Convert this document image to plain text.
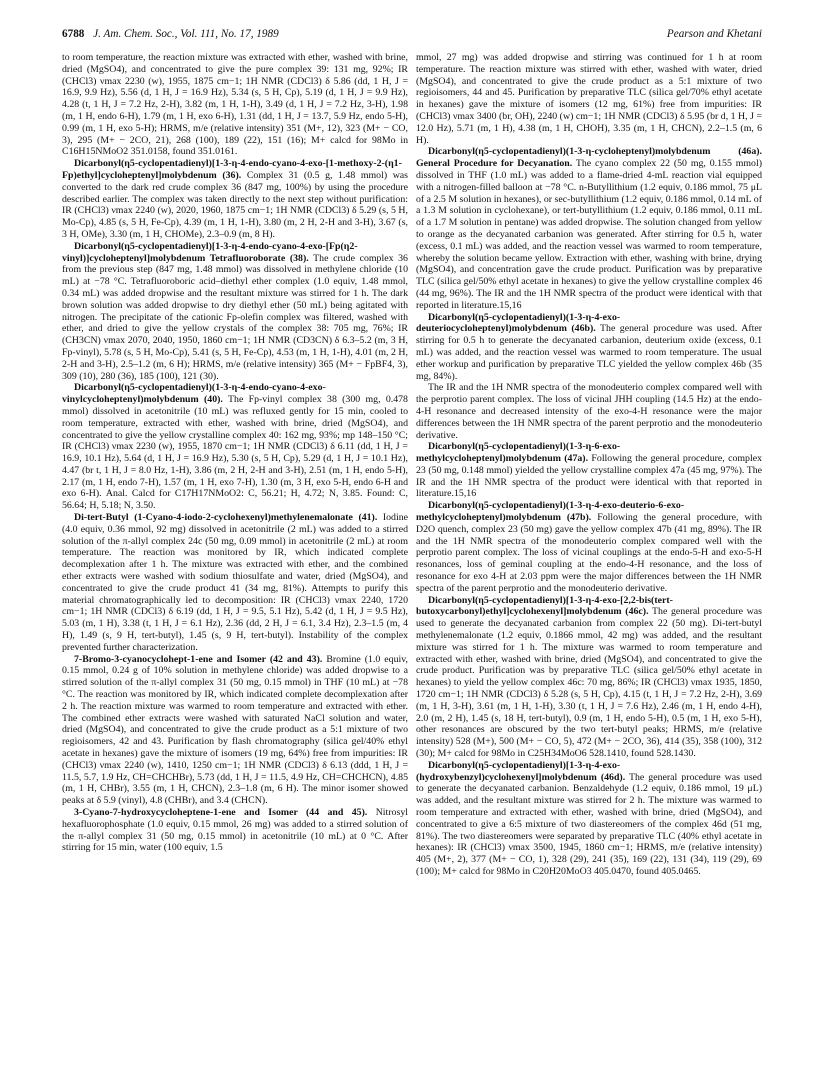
6788 J. Am. Chem. Soc., Vol. 111, No. 17, 1989	Pearson and Khetani

to room temperature, the reaction mixture was extracted with ether, washed with brine, dried (MgSO4), and concentrated to give the pure complex 39: 131 mg, 92%; IR (CHCl3) νmax 2230 (w), 1955, 1875 cm−1; 1H NMR (CDCl3) δ 5.86 (dd, 1 H, J = 16.9, 9.9 Hz), 5.56 (d, 1 H, J = 16.9 Hz), 5.34 (s, 5 H, Cp), 5.19 (d, 1 H, J = 9.9 Hz), 4.28 (t, 1 H, J = 7.2 Hz, 2-H), 3.82 (m, 1 H, 1-H), 3.49 (d, 1 H, J = 7.2 Hz, 3-H), 1.98 (m, 1 H, endo 6-H), 1.79 (m, 1 H, exo 6-H), 1.31 (dd, 1 H, J = 13.7, 5.9 Hz, endo 5-H), 0.99 (m, 1 H, exo 5-H); HRMS, m/e (relative intensity) 351 (M+, 12), 323 (M+ − CO, 3), 295 (M+ − 2CO, 21), 268 (100), 189 (22), 151 (16); M+ calcd for 98Mo in C16H15NMoO2 351.0158, found 351.0161.

Dicarbonyl(η5-cyclopentadienyl)[1-3-η-4-endo-cyano-4-exo-[1-methoxy-2-(η1-Fp)ethyl]cycloheptenyl]molybdenum (36). Complex 31 (0.5 g, 1.48 mmol) was converted to the dark red crude complex 36 (847 mg, 100%) by using the procedure described earlier. The complex was taken directly to the next step without purification: IR (CHCl3) νmax 2240 (w), 2020, 1960, 1875 cm−1; 1H NMR (CDCl3) δ 5.29 (s, 5 H, Mo-Cp), 4.85 (s, 5 H, Fe-Cp), 4.39 (m, 1 H, 1-H), 3.80 (m, 2 H, 2-H and 3-H), 3.67 (s, 3 H, OMe), 3.30 (m, 1 H, CHOMe), 2.3–0.9 (m, 8 H).

Dicarbonyl(η5-cyclopentadienyl)[1-3-η-4-endo-cyano-4-exo-[Fp(η2-vinyl)]cycloheptenyl]molybdenum Tetrafluoroborate (38). The crude complex 36 from the previous step (847 mg, 1.48 mmol) was dissolved in methylene chloride (10 mL) at −78 °C. Tetrafluoroboric acid–diethyl ether complex (1.0 equiv, 1.48 mmol, 0.34 mL) was added dropwise and the resultant mixture was stirred for 1 h. The dark brown solution was added dropwise to dry diethyl ether (50 mL) being agitated with nitrogen. The precipitate of the cationic Fp-olefin complex was filtered, washed with ether, and dried to give the yellow crystals of the complex 38: 705 mg, 76%; IR (CH3CN) νmax 2070, 2040, 1950, 1860 cm−1; 1H NMR (CD3CN) δ 6.3–5.2 (m, 3 H, Fp-vinyl), 5.78 (s, 5 H, Mo-Cp), 5.41 (s, 5 H, Fe-Cp), 4.53 (m, 1 H, 1-H), 4.01 (m, 2 H, 2-H and 3-H), 2.5–1.2 (m, 6 H); HRMS, m/e (relative intensity) 365 (M+ − FpBF4, 3), 309 (10), 280 (36), 185 (100), 121 (30).

Dicarbonyl(η5-cyclopentadienyl)(1-3-η-4-endo-cyano-4-exo-vinylcycloheptenyl)molybdenum (40). The Fp-vinyl complex 38 (300 mg, 0.478 mmol) dissolved in acetonitrile (10 mL) was refluxed gently for 15 min, cooled to room temperature, extracted with ether, washed with brine, dried (MgSO4), and concentrated to give the yellow crystalline complex 40: 162 mg, 93%; mp 148–150 °C; IR (CHCl3) νmax 2230 (w), 1955, 1870 cm−1; 1H NMR (CDCl3) δ 6.11 (dd, 1 H, J = 16.9, 10.1 Hz), 5.64 (d, 1 H, J = 16.9 Hz), 5.30 (s, 5 H, Cp), 5.29 (d, 1 H, J = 10.1 Hz), 4.47 (br t, 1 H, J = 8.0 Hz, 1-H), 3.86 (m, 2 H, 2-H and 3-H), 2.51 (m, 1 H, endo 5-H), 2.17 (m, 1 H, endo 7-H), 1.57 (m, 1 H, exo 7-H), 1.30 (m, 3 H, exo 5-H, endo 6-H and exo 6-H). Anal. Calcd for C17H17NMoO2: C, 56.21; H, 4.72; N, 3.85. Found: C, 56.64; H, 5.18; N, 3.50.

Di-tert-Butyl (1-Cyano-4-iodo-2-cyclohexenyl)methylenemalonate (41). Iodine (4.0 equiv, 0.36 mmol, 92 mg) dissolved in acetonitrile (2 mL) was added to a stirred solution of the π-allyl complex 24c (50 mg, 0.09 mmol) in acetonitrile (2 mL) at room temperature. The reaction was monitored by IR, which indicated complete decomplexation after 1 h. The mixture was extracted with ether, and the combined ether extracts were washed with sodium thiosulfate and water, dried (MgSO4), and concentrated to give the crude product 41 (34 mg, 81%). Attempts to purify this material chromatographically led to decomposition: IR (CHCl3) νmax 2240, 1720 cm−1; 1H NMR (CDCl3) δ 6.19 (dd, 1 H, J = 9.5, 5.1 Hz), 5.42 (d, 1 H, J = 9.5 Hz), 5.03 (m, 1 H), 3.38 (t, 1 H, J = 6.1 Hz), 2.36 (dd, 2 H, J = 6.1, 3.4 Hz), 2.3–1.5 (m, 4 H), 1.49 (s, 9 H, tert-butyl), 1.45 (s, 9 H, tert-butyl). Instability of the complex prevented further characterization.

7-Bromo-3-cyanocyclohept-1-ene and Isomer (42 and 43). Bromine (1.0 equiv, 0.15 mmol, 0.24 g of 10% solution in methylene chloride) was added dropwise to a stirred solution of the π-allyl complex 31 (50 mg, 0.15 mmol) in THF (10 mL) at −78 °C. The reaction was monitored by IR, which indicated complete decomplexation after 2 h. The reaction mixture was warmed to room temperature and extracted with ether. The combined ether extracts were washed with saturated NaCl solution and water, dried (MgSO4), and concentrated to give the crude product as a 5:1 mixture of two regioisomers, 42 and 43. Purification by flash chromatography (silica gel/40% ethyl acetate in hexanes) gave the mixture of isomers (19 mg, 64%) free from impurities: IR (CHCl3) νmax 2240 (w), 1410, 1250 cm−1; 1H NMR (CDCl3) δ 6.13 (ddd, 1 H, J = 11.5, 5.7, 1.9 Hz, CH=CHCHBr), 5.73 (dd, 1 H, J = 11.5, 4.9 Hz, CH=CHCHCN), 4.85 (m, 1 H, CHBr), 3.55 (m, 1 H, CHCN), 2.3–1.8 (m, 6 H). The minor isomer showed peaks at δ 5.9 (vinyl), 4.8 (CHBr), and 3.4 (CHCN).

3-Cyano-7-hydroxycycloheptene-1-ene and Isomer (44 and 45). Nitrosyl hexafluorophosphate (1.0 equiv, 0.15 mmol, 26 mg) was added to a stirred solution of the π-allyl complex 31 (50 mg, 0.15 mmol) in acetonitrile (10 mL) at 0 °C. After stirring for 15 min, water (100 equiv, 1.5

mmol, 27 mg) was added dropwise and stirring was continued for 1 h at room temperature. The reaction mixture was stirred with ether, washed with water, dried (MgSO4), and concentrated to give the crude product as a 5:1 mixture of two regioisomers, 44 and 45. Purification by preparative TLC (silica gel/70% ethyl acetate in hexanes) gave the mixture of isomers (12 mg, 61%) free from impurities: IR (CHCl3) νmax 3400 (br, OH), 2240 (w) cm−1; 1H NMR (CDCl3) δ 5.95 (br d, 1 H, J = 12.0 Hz), 5.71 (m, 1 H), 4.38 (m, 1 H, CHOH), 3.35 (m, 1 H, CHCN), 2.2–1.5 (m, 6 H).

Dicarbonyl(η5-cyclopentadienyl)(1-3-η-cycloheptenyl)molybdenum (46a). General Procedure for Decyanation. The cyano complex 22 (50 mg, 0.155 mmol) dissolved in THF (1.0 mL) was added to a flame-dried 4-mL reaction vial equipped with a nitrogen-filled balloon at −78 °C. n-Butyllithium (1.2 equiv, 0.186 mmol, 75 μL of a 2.5 M solution in hexanes), or sec-butyllithium (1.2 equiv, 0.186 mmol, 0.14 mL of a 1.3 M solution in cyclohexane), or tert-butyllithium (1.2 equiv, 0.186 mmol, 0.11 mL of a 1.7 M solution in pentane) was added dropwise. The solution changed from yellow to orange as the decyanated carbanion was generated. After stirring for 0.5 h, water (excess, 0.1 mL) was added, and the reaction vessel was warmed to room temperature, whereby the solution became yellow. Extraction with ether, washing with brine, drying (MgSO4), and concentration gave the crude product. Purification was by preparative TLC (silica gel/50% ethyl acetate in hexanes) to give the yellow crystalline complex 46 (44 mg, 96%). The IR and the 1H NMR spectra of the product were identical with that reported in literature.15,16

Dicarbonyl(η5-cyclopentadienyl)(1-3-η-4-exo-deuteriocycloheptenyl)molybdenum (46b). The general procedure was used. After stirring for 0.5 h to generate the decyanated carbanion, deuterium oxide (excess, 0.1 mL) was added, and the reaction vessel was warmed to room temperature. The usual ether workup and purification by preparative TLC yielded the yellow complex 46b (35 mg, 84%).

The IR and the 1H NMR spectra of the monodeuterio complex compared well with the perprotio parent complex. The loss of vicinal JHH coupling (14.5 Hz) at the endo-4-H resonance and decreased intensity of the exo-4-H resonance were the major differences between the 1H NMR spectra of the parent perprotio and the monodeuterio derivative.

Dicarbonyl(η5-cyclopentadienyl)(1-3-η-6-exo-methylcycloheptenyl)molybdenum (47a). Following the general procedure, complex 23 (50 mg, 0.148 mmol) yielded the yellow crystalline complex 47a (45 mg, 97%). The IR and the 1H NMR spectra of the product were identical with that reported in literature.15,16

Dicarbonyl(η5-cyclopentadienyl)(1-3-η-4-exo-deuterio-6-exo-methylcycloheptenyl)molybdenum (47b). Following the general procedure, with D2O quench, complex 23 (50 mg) gave the yellow complex 47b (41 mg, 89%). The IR and the 1H NMR spectra of the monodeuterio complex compared well with the perprotio parent complex. The loss of vicinal couplings at the endo-5-H and exo-5-H resonances, loss of geminal coupling at the endo-4-H resonance, and the loss of resonance for exo 4-H at 2.03 ppm were the major differences between the 1H NMR spectra of the parent perprotio and the monodeuterio derivative.

Dicarbonyl(η5-cyclopentadienyl)[1-3-η-4-exo-[2,2-bis(tert-butoxycarbonyl)ethyl]cyclohexenyl]molybdenum (46c). The general procedure was used to generate the decyanated carbanion from complex 22 (50 mg). Di-tert-butyl methylenemalonate (1.2 equiv, 0.1866 mmol, 42 mg) was added, and the resultant mixture was stirred for 1 h. The mixture was warmed to room temperature and extracted with ether, washed with brine, dried (MgSO4), and concentrated to give the crude product. Purification was by preparative TLC (silica gel/50% ethyl acetate in hexanes) to yield the yellow complex 46c: 70 mg, 86%; IR (CHCl3) νmax 1935, 1850, 1720 cm−1; 1H NMR (CDCl3) δ 5.28 (s, 5 H, Cp), 4.15 (t, 1 H, J = 7.2 Hz, 2-H), 3.69 (m, 1 H, 3-H), 3.61 (m, 1 H, 1-H), 3.30 (t, 1 H, J = 7.6 Hz), 2.46 (m, 1 H, endo 4-H), 2.0 (m, 2 H), 1.45 (s, 18 H, tert-butyl), 0.9 (m, 1 H, endo 5-H), 0.5 (m, 1 H, exo 5-H), other resonances are obscured by the two tert-butyl peaks; HRMS, m/e (relative intensity) 528 (M+), 500 (M+ − CO, 5), 472 (M+ − 2CO, 36), 414 (35), 358 (100), 312 (30); M+ calcd for 98Mo in C25H34MoO6 528.1410, found 528.1430.

Dicarbonyl(η5-cyclopentadienyl)[1-3-η-4-exo-(hydroxybenzyl)cyclohexenyl]molybdenum (46d). The general procedure was used to generate the decyanated carbanion. Benzaldehyde (1.2 equiv, 0.186 mmol, 19 μL) was added, and the resultant mixture was stirred for 2 h. The mixture was warmed to room temperature and extracted with ether, washed with brine, dried (MgSO4), and concentrated to give a 6:5 mixture of two diastereomers of the complex 46d (51 mg, 81%). The two diastereomers were separated by preparative TLC (40% ethyl acetate in hexanes): IR (CHCl3) νmax 3500, 1945, 1860 cm−1; HRMS, m/e (relative intensity) 405 (M+, 2), 377 (M+ − CO, 1), 328 (29), 241 (35), 169 (22), 131 (34), 119 (29), 69 (100); M+ calcd for 98Mo in C20H20MoO3 405.0470, found 405.0465.
